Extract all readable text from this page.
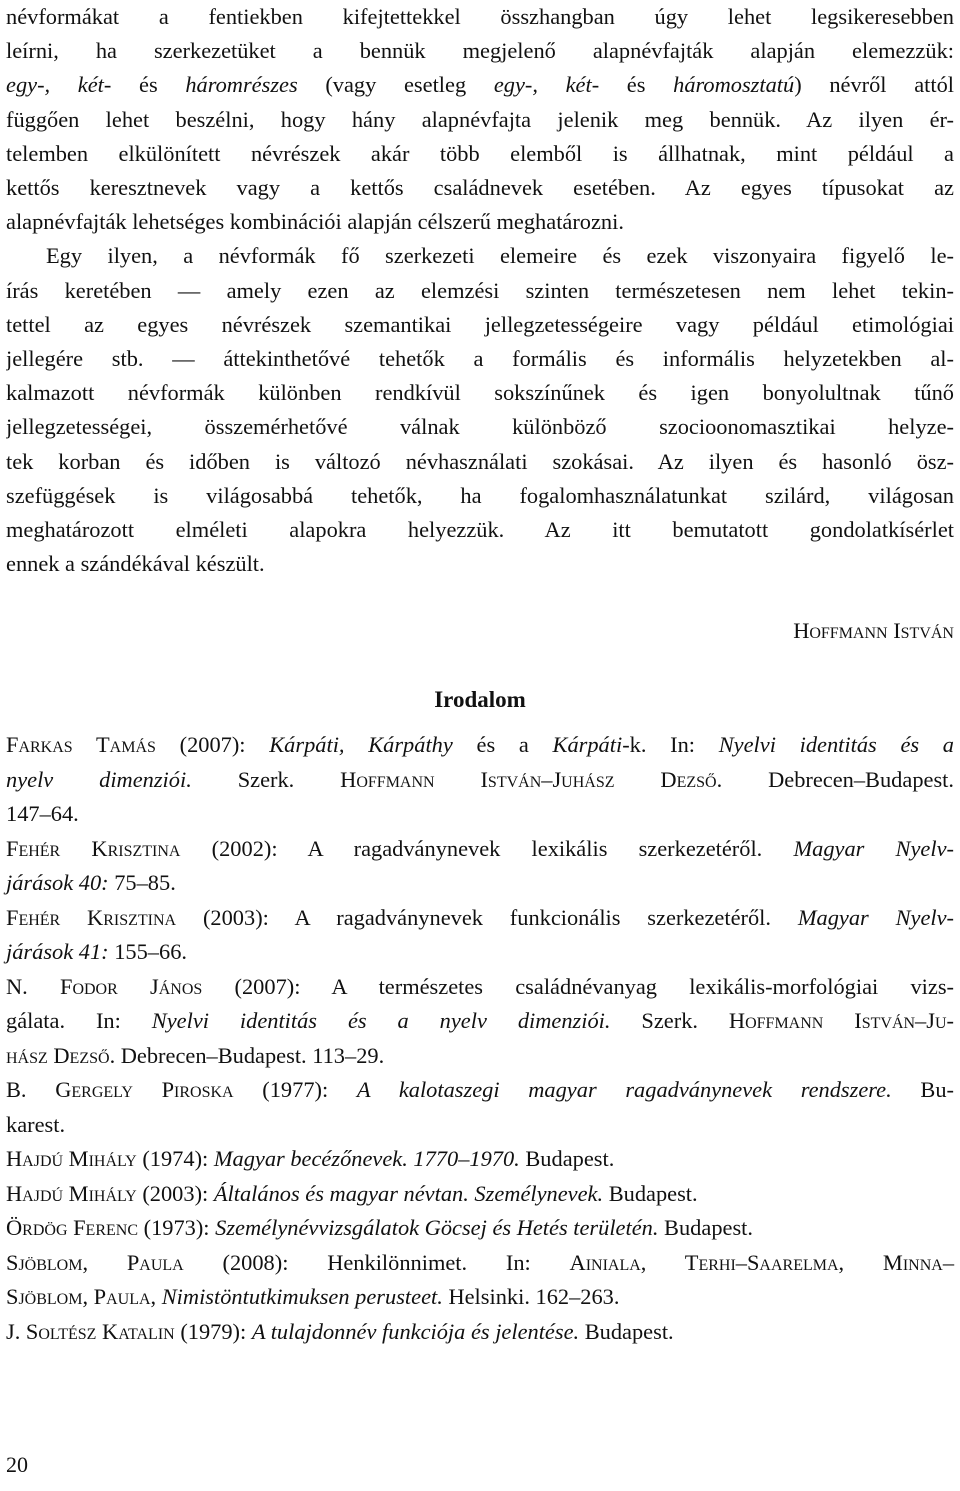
névformákat a fentiekben kifejtettekkel összhangban úgy lehet legsikeresebben
leírni, ha szerkezetüket a bennük megjelenő alapnévfajták alapján elemezzük:
egy-, két- és háromrészes (vagy esetleg egy-, két- és háromosztatú) névről attól
függően lehet beszélni, hogy hány alapnévfajta jelenik meg bennük. Az ilyen ér-
telemben elkülönített névrészek akár több elemből is állhatnak, mint például a
kettős keresztnevek vagy a kettős családnevek esetében. Az egyes típusokat az
alapnévfajták lehetséges kombinációi alapján célszerű meghatározni.

Egy ilyen, a névformák fő szerkezeti elemeire és ezek viszonyaira figyelő le-
írás keretében — amely ezen az elemzési szinten természetesen nem lehet tekin-
tettel az egyes névrészek szemantikai jellegzetességeire vagy például etimológiai
jellegére stb. — áttekinthetővé tehetők a formális és informális helyzetekben al-
kalmazott névformák különben rendkívül sokszínűnek és igen bonyolultnak tűnő
jellegzetességei, összemérhetővé válnak különböző szocioonomasztikai helyze-
tek korban és időben is változó névhasználati szokásai. Az ilyen és hasonló ösz-
szefüggések is világosabbá tehetők, ha fogalomhasználatunkat szilárd, világosan
meghatározott elméleti alapokra helyezzük. Az itt bemutatott gondolatkísérlet
ennek a szándékával készült.

Hoffmann István
Irodalom

Farkas Tamás (2007): Kárpáti, Kárpáthy és a Kárpáti-k. In: Nyelvi identitás és a
nyelv dimenziói. Szerk. Hoffmann István–Juhász Dezső. Debrecen–Budapest.
147–64.

Fehér Krisztina (2002): A ragadványnevek lexikális szerkezetéről. Magyar Nyelv-
járások 40: 75–85.

Fehér Krisztina (2003): A ragadványnevek funkcionális szerkezetéről. Magyar Nyelv-
járások 41: 155–66.

N. Fodor János (2007): A természetes családnévanyag lexikális-morfológiai vizs-
gálata. In: Nyelvi identitás és a nyelv dimenziói. Szerk. Hoffmann István–Ju-
hász Dezső. Debrecen–Budapest. 113–29.

B. Gergely Piroska (1977): A kalotaszegi magyar ragadványnevek rendszere. Bu-
karest.

Hajdú Mihály (1974): Magyar becézőnevek. 1770–1970. Budapest.

Hajdú Mihály (2003): Általános és magyar névtan. Személynevek. Budapest.

Ördög Ferenc (1973): Személynévvizsgálatok Göcsej és Hetés területén. Budapest.

Sjöblom, Paula (2008): Henkilönnimet. In: Ainiala, Terhi–Saarelma, Minna–
Sjöblom, Paula, Nimistöntutkimuksen perusteet. Helsinki. 162–263.

J. Soltész Katalin (1979): A tulajdonnév funkciója és jelentése. Budapest.

20
